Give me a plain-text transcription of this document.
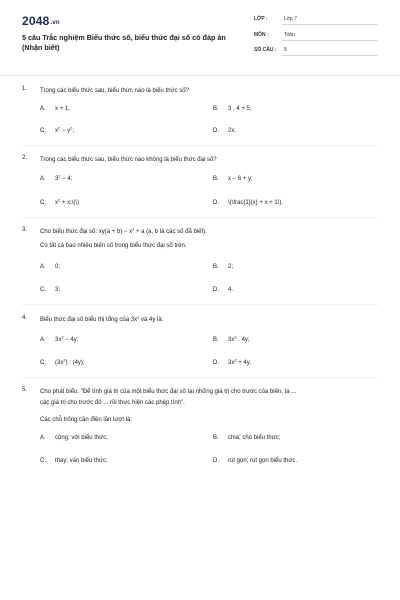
2048.vn
5 câu Trắc nghiệm Biểu thức số, biểu thức đại số có đáp án (Nhận biết)
LỚP :	Lớp 7
MÔN :	Toán
SỐ CÂU : 5
1. Trong các biểu thức sau, biểu thức nào là biểu thức số?
A. x + 1;	B. 3 . 4 + 5;
C. $x^2 - y^2$;	D. 2x.
2. Trong các biểu thức sau, biểu thức nào không là biểu thức đại số?
A. $3^2 - 4$;	B. x − 6 + y;
C. $x^2$ + x;\(\)	D. \(\frac{1}{x} + x + 1\).
3. Cho biểu thức đại số: $xy(a + b) - x^2 + a$ (a, b là các số đã biết).
Có tất cả bao nhiêu biến số trong biểu thức đại số trên.
A. 0;	B. 2;
C. 3;	D. 4.
4. Biểu thức đại số biểu thị tổng của $3x^2$ và 4y là:
A. $3x^2 - 4y$;	B. $3x^2$ . 4y;
C. $(3x^2)$ : (4y);	D. $3x^2 + 4y$.
5. Cho phát biểu: "Để tính giá trị của một biểu thức đại số tại những giá trị cho trước của biến, ta ...
các giá trị cho trước đó ... rồi thực hiện các phép tính".
Các chỗ trống cần điền lần lượt là:
A. cộng; với biểu thức;	B. chia; cho biểu thức;
C. thay; vào biểu thức;	D. rút gọn; rút gọn biểu thức.
